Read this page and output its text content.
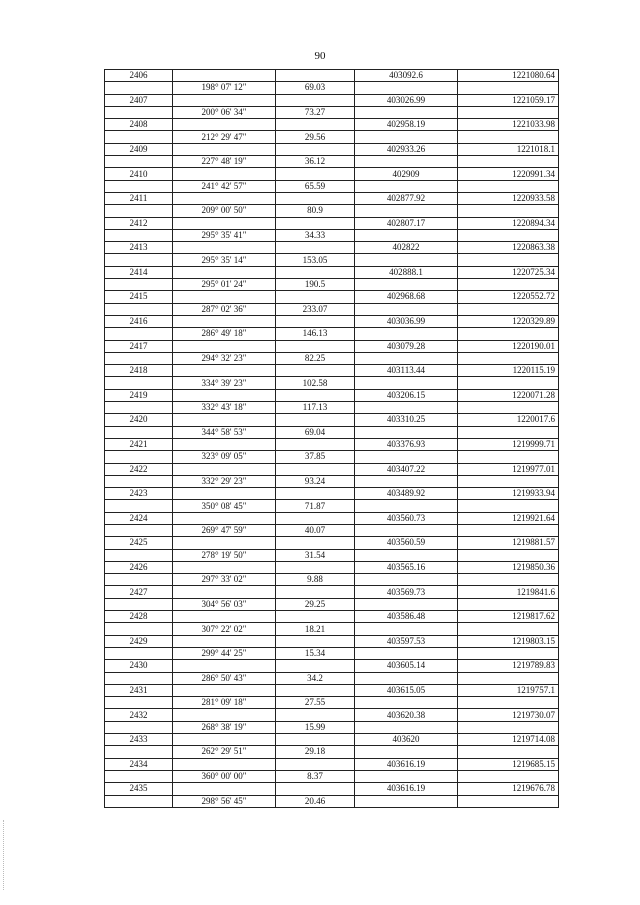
90
2406			403092.6	1221080.64
	198° 07' 12"	69.03		
2407			403026.99	1221059.17
	200° 06' 34"	73.27		
2408			402958.19	1221033.98
	212° 29' 47"	29.56		
2409			402933.26	1221018.1
	227° 48' 19"	36.12		
2410			402909	1220991.34
	241° 42' 57"	65.59		
2411			402877.92	1220933.58
	209° 00' 50"	80.9		
2412			402807.17	1220894.34
	295° 35' 41"	34.33		
2413			402822	1220863.38
	295° 35' 14"	153.05		
2414			402888.1	1220725.34
	295° 01' 24"	190.5		
2415			402968.68	1220552.72
	287° 02' 36"	233.07		
2416			403036.99	1220329.89
	286° 49' 18"	146.13		
2417			403079.28	1220190.01
	294° 32' 23"	82.25		
2418			403113.44	1220115.19
	334° 39' 23"	102.58		
2419			403206.15	1220071.28
	332° 43' 18"	117.13		
2420			403310.25	1220017.6
	344° 58' 53"	69.04		
2421			403376.93	1219999.71
	323° 09' 05"	37.85		
2422			403407.22	1219977.01
	332° 29' 23"	93.24		
2423			403489.92	1219933.94
	350° 08' 45"	71.87		
2424			403560.73	1219921.64
	269° 47' 59"	40.07		
2425			403560.59	1219881.57
	278° 19' 50"	31.54		
2426			403565.16	1219850.36
	297° 33' 02"	9.88		
2427			403569.73	1219841.6
	304° 56' 03"	29.25		
2428			403586.48	1219817.62
	307° 22' 02"	18.21		
2429			403597.53	1219803.15
	299° 44' 25"	15.34		
2430			403605.14	1219789.83
	286° 50' 43"	34.2		
2431			403615.05	1219757.1
	281° 09' 18"	27.55		
2432			403620.38	1219730.07
	268° 38' 19"	15.99		
2433			403620	1219714.08
	262° 29' 51"	29.18		
2434			403616.19	1219685.15
	360° 00' 00"	8.37		
2435			403616.19	1219676.78
	298° 56' 45"	20.46		
